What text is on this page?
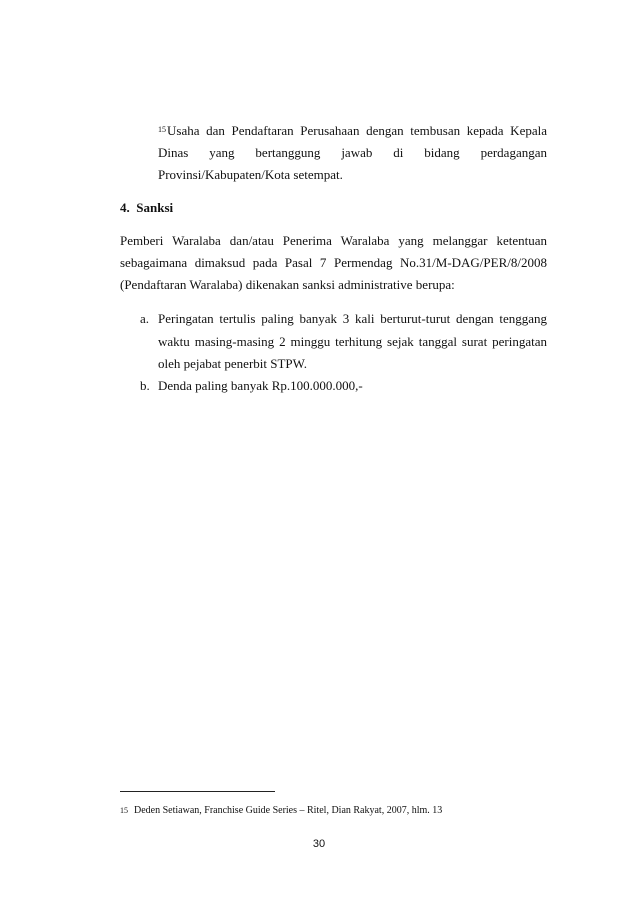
$^{15}$Usaha dan Pendaftaran Perusahaan dengan tembusan kepada Kepala
Dinas yang bertanggung jawab di bidang perdagangan
Provinsi/Kabupaten/Kota setempat.
4.  Sanksi
Pemberi Waralaba dan/atau Penerima Waralaba yang melanggar ketentuan
sebagaimana dimaksud pada Pasal 7 Permendag No.31/M-DAG/PER/8/2008
(Pendaftaran Waralaba) dikenakan sanksi administrative berupa:
a. Peringatan tertulis paling banyak 3 kali berturut-turut dengan tenggang
waktu masing-masing 2 minggu terhitung sejak tanggal surat peringatan
oleh pejabat penerbit STPW.
b. Denda paling banyak Rp.100.000.000,-
15 Deden Setiawan, Franchise Guide Series – Ritel, Dian Rakyat, 2007, hlm. 13
30
